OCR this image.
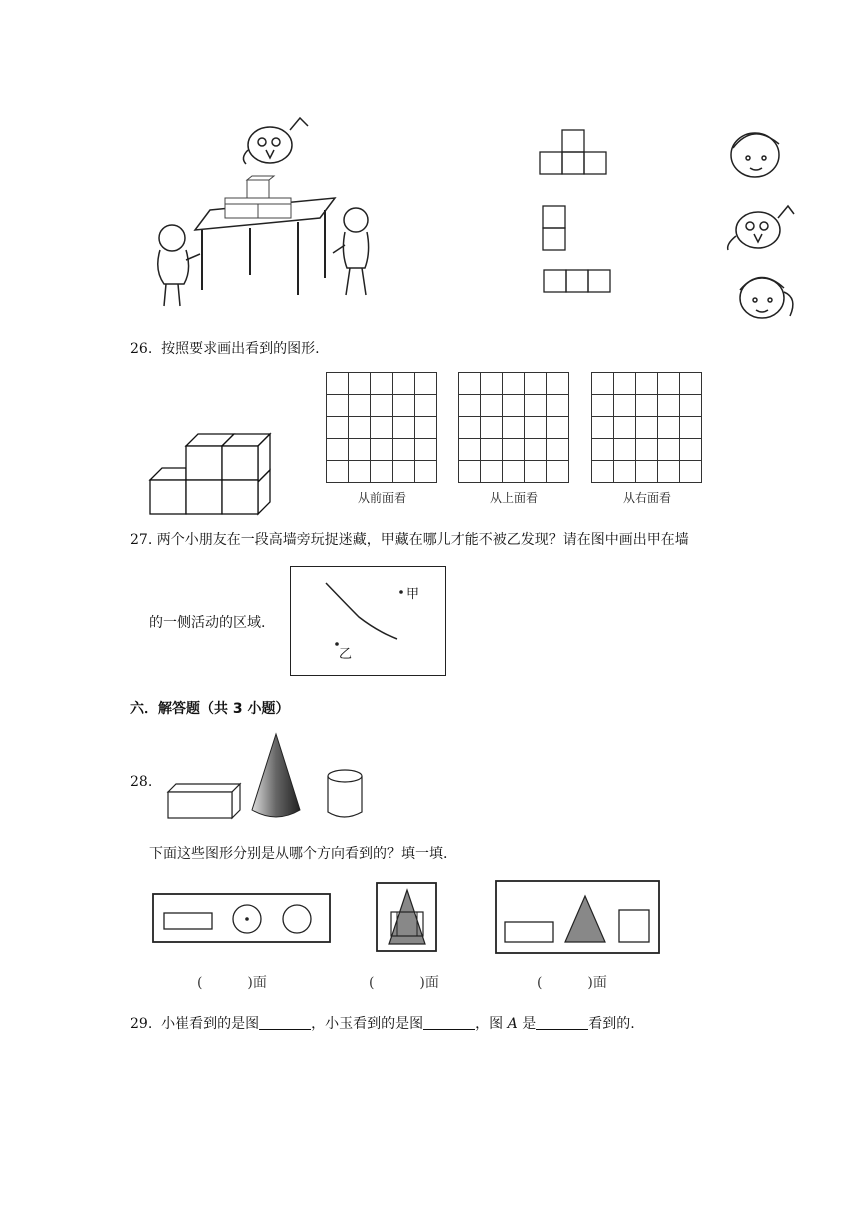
26. 按照要求画出看到的图形.
从前面看	从上面看	从右面看
27. 两个小朋友在一段高墙旁玩捉迷藏，甲藏在哪儿才能不被乙发现？请在图中画出甲在墙
的一侧活动的区域.
甲
乙
六．解答题（共 3 小题）
28.
下面这些图形分别是从哪个方向看到的？填一填.
(	)面	(	)面	(	)面
29. 小崔看到的是图	，小玉看到的是图	，图 A 是	看到的.
